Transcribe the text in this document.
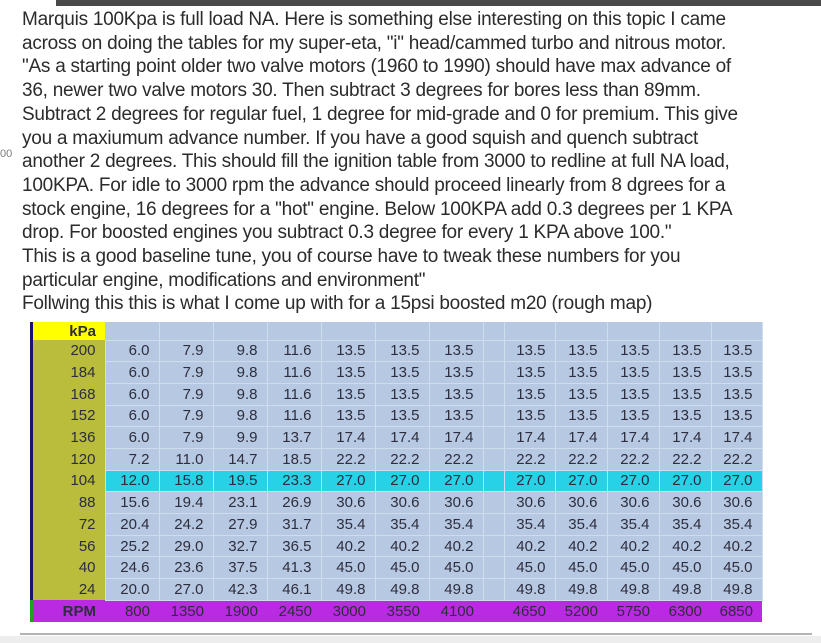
00
Marquis 100Kpa is full load NA. Here is something else interesting on this topic I came
across on doing the tables for my super-eta, "i" head/cammed turbo and nitrous motor.
"As a starting point older two valve motors (1960 to 1990) should have max advance of
36, newer two valve motors 30. Then subtract 3 degrees for bores less than 89mm.
Subtract 2 degrees for regular fuel, 1 degree for mid-grade and 0 for premium. This give
you a maxiumum advance number. If you have a good squish and quench subtract
another 2 degrees. This should fill the ignition table from 3000 to redline at full NA load,
100KPA. For idle to 3000 rpm the advance should proceed linearly from 8 dgrees for a
stock engine, 16 degrees for a "hot" engine. Below 100KPA add 0.3 degrees per 1 KPA
drop. For boosted engines you subtract 0.3 degree for every 1 KPA above 100."
This is a good baseline tune, you of course have to tweak these numbers for you
particular engine, modifications and environment"
Follwing this this is what I come up with for a 15psi boosted m20 (rough map)
kPa													
200	6.0	7.9	9.8	11.6	13.5	13.5	13.5		13.5	13.5	13.5	13.5	13.5
184	6.0	7.9	9.8	11.6	13.5	13.5	13.5		13.5	13.5	13.5	13.5	13.5
168	6.0	7.9	9.8	11.6	13.5	13.5	13.5		13.5	13.5	13.5	13.5	13.5
152	6.0	7.9	9.8	11.6	13.5	13.5	13.5		13.5	13.5	13.5	13.5	13.5
136	6.0	7.9	9.9	13.7	17.4	17.4	17.4		17.4	17.4	17.4	17.4	17.4
120	7.2	11.0	14.7	18.5	22.2	22.2	22.2		22.2	22.2	22.2	22.2	22.2
104	12.0	15.8	19.5	23.3	27.0	27.0	27.0		27.0	27.0	27.0	27.0	27.0
88	15.6	19.4	23.1	26.9	30.6	30.6	30.6		30.6	30.6	30.6	30.6	30.6
72	20.4	24.2	27.9	31.7	35.4	35.4	35.4		35.4	35.4	35.4	35.4	35.4
56	25.2	29.0	32.7	36.5	40.2	40.2	40.2		40.2	40.2	40.2	40.2	40.2
40	24.6	23.6	37.5	41.3	45.0	45.0	45.0		45.0	45.0	45.0	45.0	45.0
24	20.0	27.0	42.3	46.1	49.8	49.8	49.8		49.8	49.8	49.8	49.8	49.8
RPM	800	1350	1900	2450	3000	3550	4100		4650	5200	5750	6300	6850
